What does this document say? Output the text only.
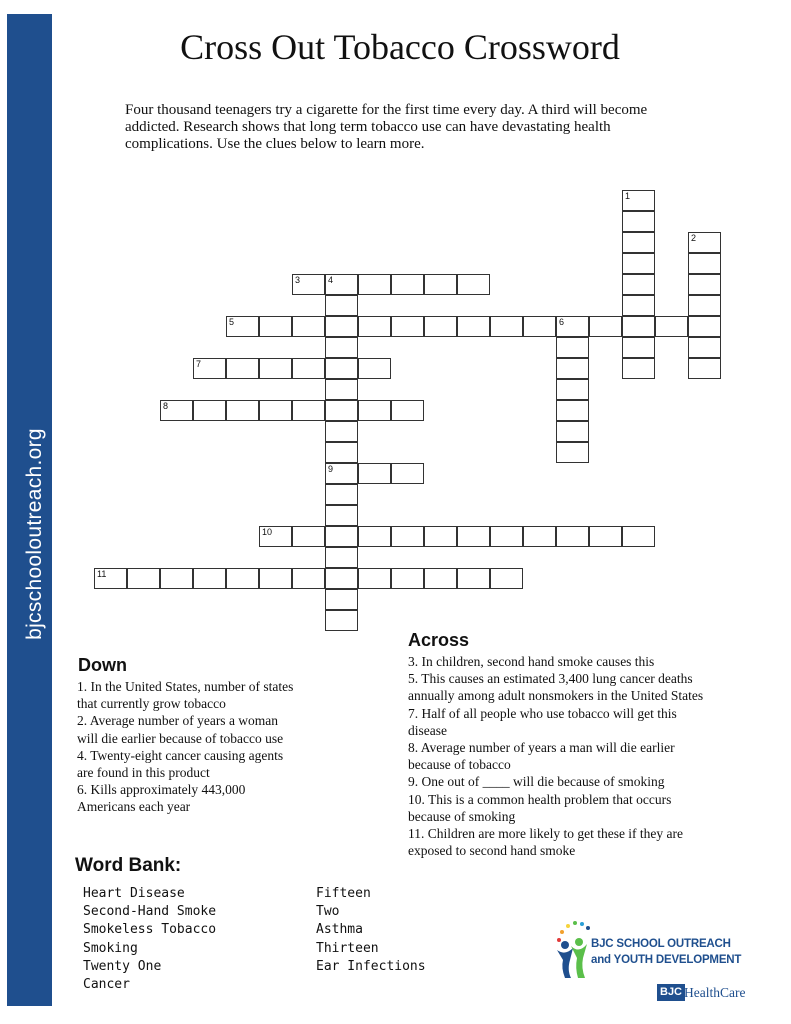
bjcschooloutreach.org
Cross Out Tobacco Crossword

Four thousand teenagers try a cigarette for the first time every day. A third will become addicted. Research shows that long term tobacco use can have devastating health complications. Use the clues below to learn more.

1
2
3	4
9
5	6
7
8
10
11
Across
3. In children, second hand smoke causes this
5. This causes an estimated 3,400 lung cancer deaths annually among adult nonsmokers in the United States
7. Half of all people who use tobacco will get this disease
8. Average number of years a man will die earlier because of tobacco
9. One out of ____ will die because of smoking
10. This is a common health problem that occurs because of smoking
11. Children are more likely to get these if they are exposed to second hand smoke
Down
1. In the United States, number of states that currently grow tobacco
2. Average number of years a woman will die earlier because of tobacco use
4. Twenty-eight cancer causing agents are found in this product
6. Kills approximately 443,000 Americans each year
Word Bank:
Heart Disease
Second-Hand Smoke
Smokeless Tobacco
Smoking
Twenty One
Cancer
Fifteen
Two
Asthma
Thirteen
Ear Infections
BJC SCHOOL OUTREACH
and YOUTH DEVELOPMENT
BJC HealthCare
